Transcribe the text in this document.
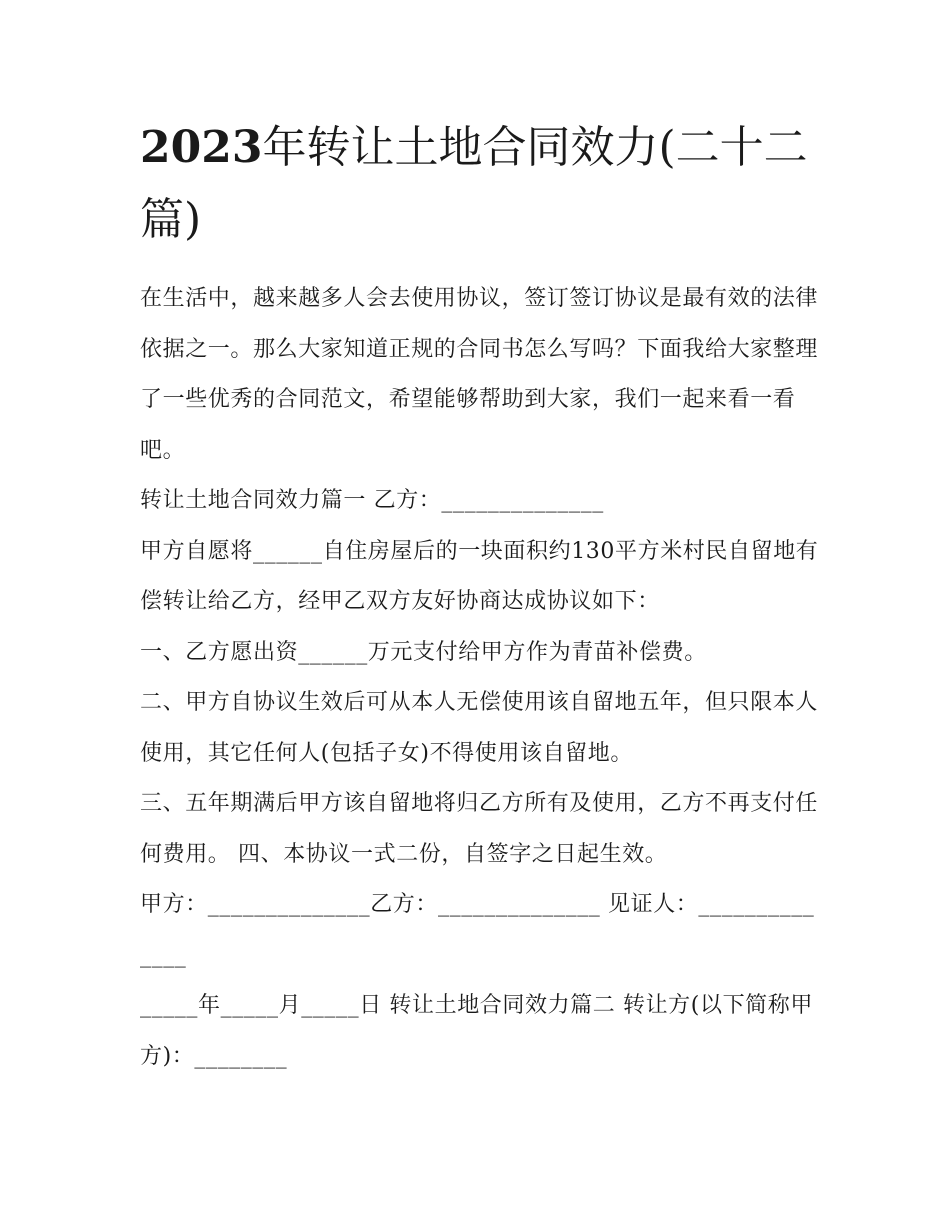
2023年转让土地合同效力(二十二篇)

在生活中，越来越多人会去使用协议，签订签订协议是最有效的法律依据之一。那么大家知道正规的合同书怎么写吗？下面我给大家整理了一些优秀的合同范文，希望能够帮助到大家，我们一起来看一看吧。

转让土地合同效力篇一 乙方：______________

甲方自愿将______自住房屋后的一块面积约130平方米村民自留地有偿转让给乙方，经甲乙双方友好协商达成协议如下：

一、乙方愿出资______万元支付给甲方作为青苗补偿费。

二、甲方自协议生效后可从本人无偿使用该自留地五年，但只限本人使用，其它任何人(包括子女)不得使用该自留地。

三、五年期满后甲方该自留地将归乙方所有及使用，乙方不再支付任何费用。 四、本协议一式二份，自签字之日起生效。

甲方：______________乙方：______________ 见证人：______________

_____年_____月_____日 转让土地合同效力篇二 转让方(以下简称甲方)：________
